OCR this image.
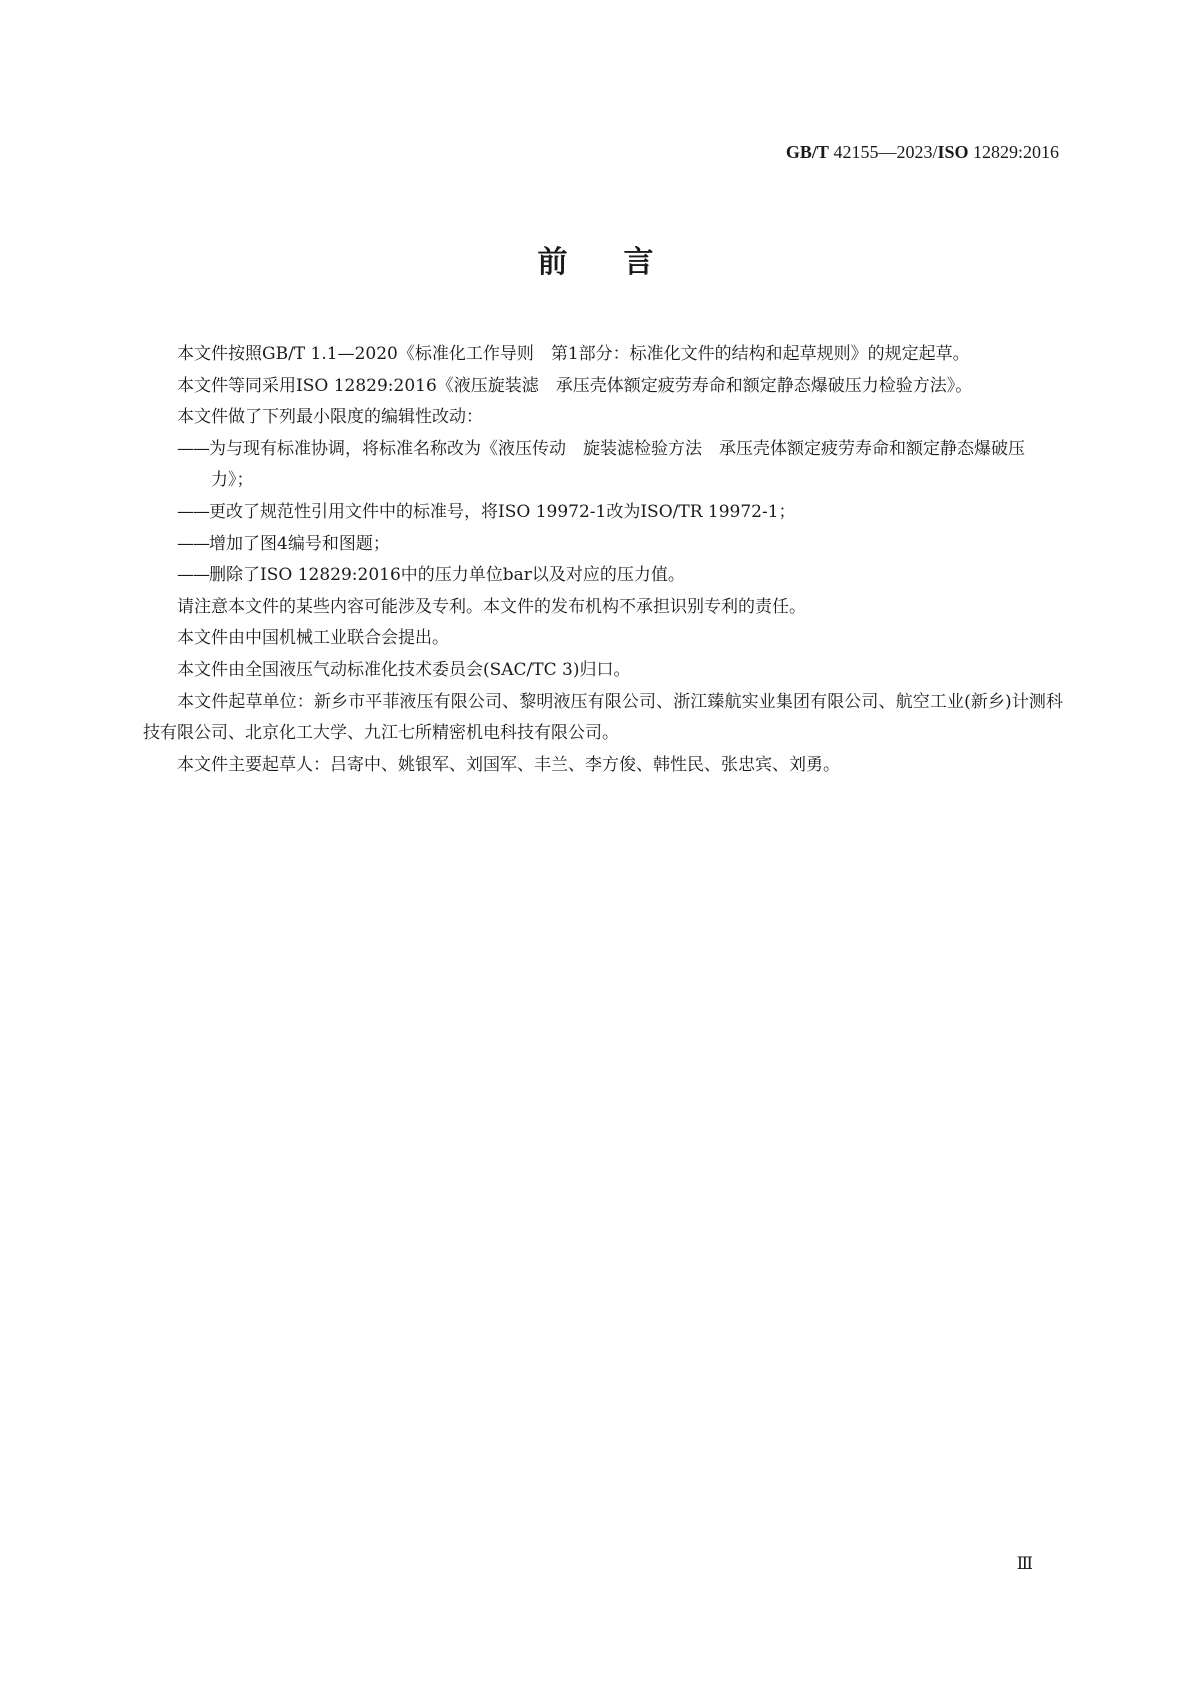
GB/T 42155—2023/ISO 12829:2016
前言

本文件按照GB/T 1.1—2020《标准化工作导则　第1部分：标准化文件的结构和起草规则》的规定起草。

本文件等同采用ISO 12829:2016《液压旋装滤　承压壳体额定疲劳寿命和额定静态爆破压力检验方法》。

本文件做了下列最小限度的编辑性改动：

——为与现有标准协调，将标准名称改为《液压传动　旋装滤检验方法　承压壳体额定疲劳寿命和额定静态爆破压力》；

——更改了规范性引用文件中的标准号，将ISO 19972-1改为ISO/TR 19972-1；

——增加了图4编号和图题；

——删除了ISO 12829:2016中的压力单位bar以及对应的压力值。

请注意本文件的某些内容可能涉及专利。本文件的发布机构不承担识别专利的责任。

本文件由中国机械工业联合会提出。

本文件由全国液压气动标准化技术委员会(SAC/TC 3)归口。

本文件起草单位：新乡市平菲液压有限公司、黎明液压有限公司、浙江臻航实业集团有限公司、航空工业(新乡)计测科技有限公司、北京化工大学、九江七所精密机电科技有限公司。

本文件主要起草人：吕寄中、姚银军、刘国军、丰兰、李方俊、韩性民、张忠宾、刘勇。

Ⅲ
